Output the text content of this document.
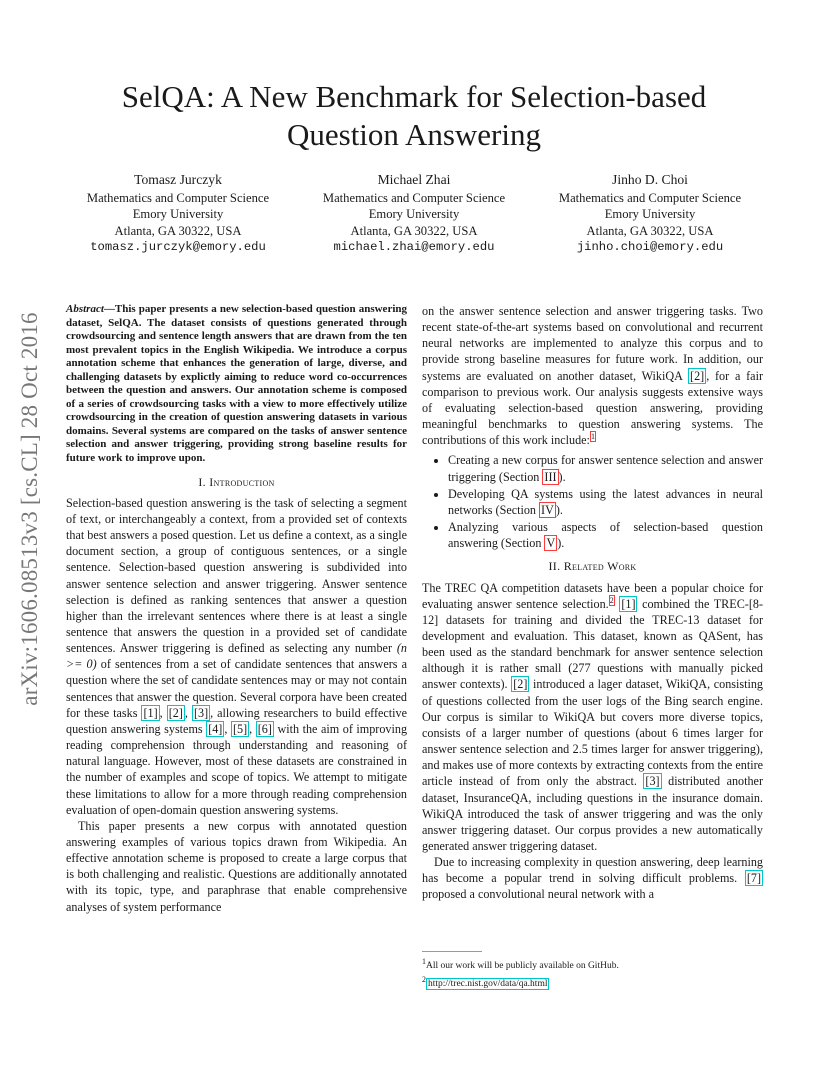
SelQA: A New Benchmark for Selection-based
Question Answering
Tomasz Jurczyk
Mathematics and Computer Science
Emory University
Atlanta, GA 30322, USA
tomasz.jurczyk@emory.edu
Michael Zhai
Mathematics and Computer Science
Emory University
Atlanta, GA 30322, USA
michael.zhai@emory.edu
Jinho D. Choi
Mathematics and Computer Science
Emory University
Atlanta, GA 30322, USA
jinho.choi@emory.edu
arXiv:1606.08513v3 [cs.CL] 28 Oct 2016

Abstract—This paper presents a new selection-based question answering dataset, SelQA. The dataset consists of questions generated through crowdsourcing and sentence length answers that are drawn from the ten most prevalent topics in the English Wikipedia. We introduce a corpus annotation scheme that enhances the generation of large, diverse, and challenging datasets by explictly aiming to reduce word co-occurrences between the question and answers. Our annotation scheme is composed of a series of crowdsourcing tasks with a view to more effectively utilize crowdsourcing in the creation of question answering datasets in various domains. Several systems are compared on the tasks of answer sentence selection and answer triggering, providing strong baseline results for future work to improve upon.

I. Introduction

Selection-based question answering is the task of selecting a segment of text, or interchangeably a context, from a provided set of contexts that best answers a posed question. Let us define a context, as a single document section, a group of contiguous sentences, or a single sentence. Selection-based question answering is subdivided into answer sentence selection and answer triggering. Answer sentence selection is defined as ranking sentences that answer a question higher than the irrelevant sentences where there is at least a single sentence that answers the question in a provided set of candidate sentences. Answer triggering is defined as selecting any number (n >= 0) of sentences from a set of candidate sentences that answers a question where the set of candidate sentences may or may not contain sentences that answer the question. Several corpora have been created for these tasks [1] , [2] , [3] , allowing researchers to build effective question answering systems [4] , [5] , [6] with the aim of improving reading comprehension through understanding and reasoning of natural language. However, most of these datasets are constrained in the number of examples and scope of topics. We attempt to mitigate these limitations to allow for a more through reading comprehension evaluation of open-domain question answering systems.

This paper presents a new corpus with annotated question answering examples of various topics drawn from Wikipedia. An effective annotation scheme is proposed to create a large corpus that is both challenging and realistic. Questions are additionally annotated with its topic, type, and paraphrase that enable comprehensive analyses of system performance

on the answer sentence selection and answer triggering tasks. Two recent state-of-the-art systems based on convolutional and recurrent neural networks are implemented to analyze this corpus and to provide strong baseline measures for future work. In addition, our systems are evaluated on another dataset, WikiQA [2] , for a fair comparison to previous work. Our analysis suggests extensive ways of evaluating selection-based question answering, providing meaningful benchmarks to question answering systems. The contributions of this work include:$^1$

• Creating a new corpus for answer sentence selection and answer triggering (Section III ).
• Developing QA systems using the latest advances in neural networks (Section IV ).
• Analyzing various aspects of selection-based question answering (Section V ).
II. Related Work

The TREC QA competition datasets have been a popular choice for evaluating answer sentence selection.$^2$ [1] combined the TREC-[8-12] datasets for training and divided the TREC-13 dataset for development and evaluation. This dataset, known as QASent, has been used as the standard benchmark for answer sentence selection although it is rather small (277 questions with manually picked answer contexts). [2] introduced a lager dataset, WikiQA, consisting of questions collected from the user logs of the Bing search engine. Our corpus is similar to WikiQA but covers more diverse topics, consists of a larger number of questions (about 6 times larger for answer sentence selection and 2.5 times larger for answer triggering), and makes use of more contexts by extracting contexts from the entire article instead of from only the abstract. [3] distributed another dataset, InsuranceQA, including questions in the insurance domain. WikiQA introduced the task of answer triggering and was the only answer triggering dataset. Our corpus provides a new automatically generated answer triggering dataset.

Due to increasing complexity in question answering, deep learning has become a popular trend in solving difficult problems. [7] proposed a convolutional neural network with a

$^1$All our work will be publicly available on GitHub.
$^2$ http://trec.nist.gov/data/qa.html
